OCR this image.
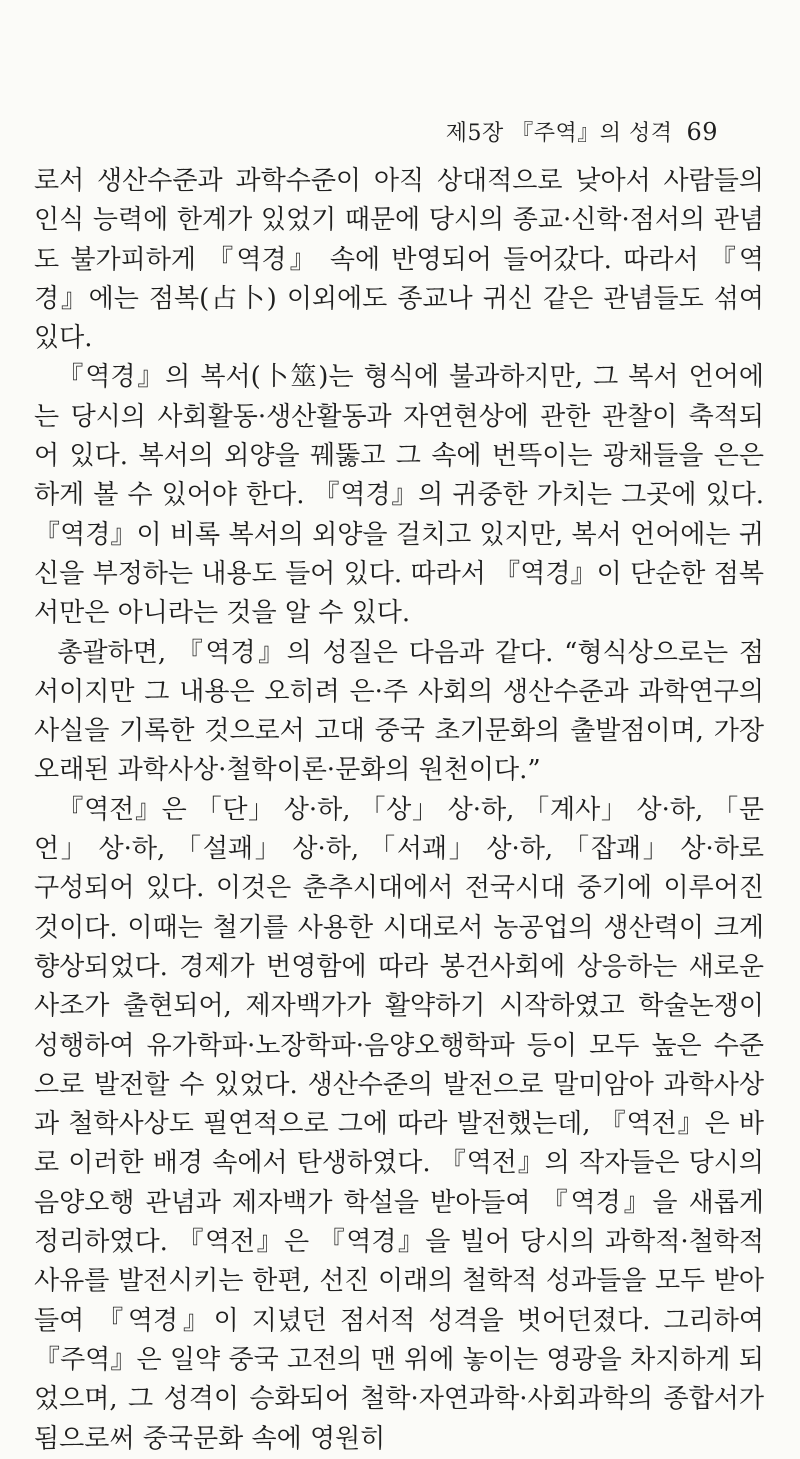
제5장 『주역』의 성격 69

로서 생산수준과 과학수준이 아직 상대적으로 낮아서 사람들의 인식 능력에 한계가 있었기 때문에 당시의 종교·신학·점서의 관념도 불가피하게 『역경』 속에 반영되어 들어갔다. 따라서 『역경』에는 점복(占卜) 이외에도 종교나 귀신 같은 관념들도 섞여 있다.

『역경』의 복서(卜筮)는 형식에 불과하지만, 그 복서 언어에는 당시의 사회활동·생산활동과 자연현상에 관한 관찰이 축적되어 있다. 복서의 외양을 꿰뚫고 그 속에 번뜩이는 광채들을 은은하게 볼 수 있어야 한다. 『역경』의 귀중한 가치는 그곳에 있다. 『역경』이 비록 복서의 외양을 걸치고 있지만, 복서 언어에는 귀신을 부정하는 내용도 들어 있다. 따라서 『역경』이 단순한 점복서만은 아니라는 것을 알 수 있다.

총괄하면, 『역경』의 성질은 다음과 같다. “형식상으로는 점서이지만 그 내용은 오히려 은·주 사회의 생산수준과 과학연구의 사실을 기록한 것으로서 고대 중국 초기문화의 출발점이며, 가장 오래된 과학사상·철학이론·문화의 원천이다.”

『역전』은 「단」 상·하, 「상」 상·하, 「계사」 상·하, 「문언」 상·하, 「설괘」 상·하, 「서괘」 상·하, 「잡괘」 상·하로 구성되어 있다. 이것은 춘추시대에서 전국시대 중기에 이루어진 것이다. 이때는 철기를 사용한 시대로서 농공업의 생산력이 크게 향상되었다. 경제가 번영함에 따라 봉건사회에 상응하는 새로운 사조가 출현되어, 제자백가가 활약하기 시작하였고 학술논쟁이 성행하여 유가학파·노장학파·음양오행학파 등이 모두 높은 수준으로 발전할 수 있었다. 생산수준의 발전으로 말미암아 과학사상과 철학사상도 필연적으로 그에 따라 발전했는데, 『역전』은 바로 이러한 배경 속에서 탄생하였다. 『역전』의 작자들은 당시의 음양오행 관념과 제자백가 학설을 받아들여 『역경』을 새롭게 정리하였다. 『역전』은 『역경』을 빌어 당시의 과학적·철학적 사유를 발전시키는 한편, 선진 이래의 철학적 성과들을 모두 받아들여 『역경』이 지녔던 점서적 성격을 벗어던졌다. 그리하여 『주역』은 일약 중국 고전의 맨 위에 놓이는 영광을 차지하게 되었으며, 그 성격이 승화되어 철학·자연과학·사회과학의 종합서가 됨으로써 중국문화 속에 영원히
